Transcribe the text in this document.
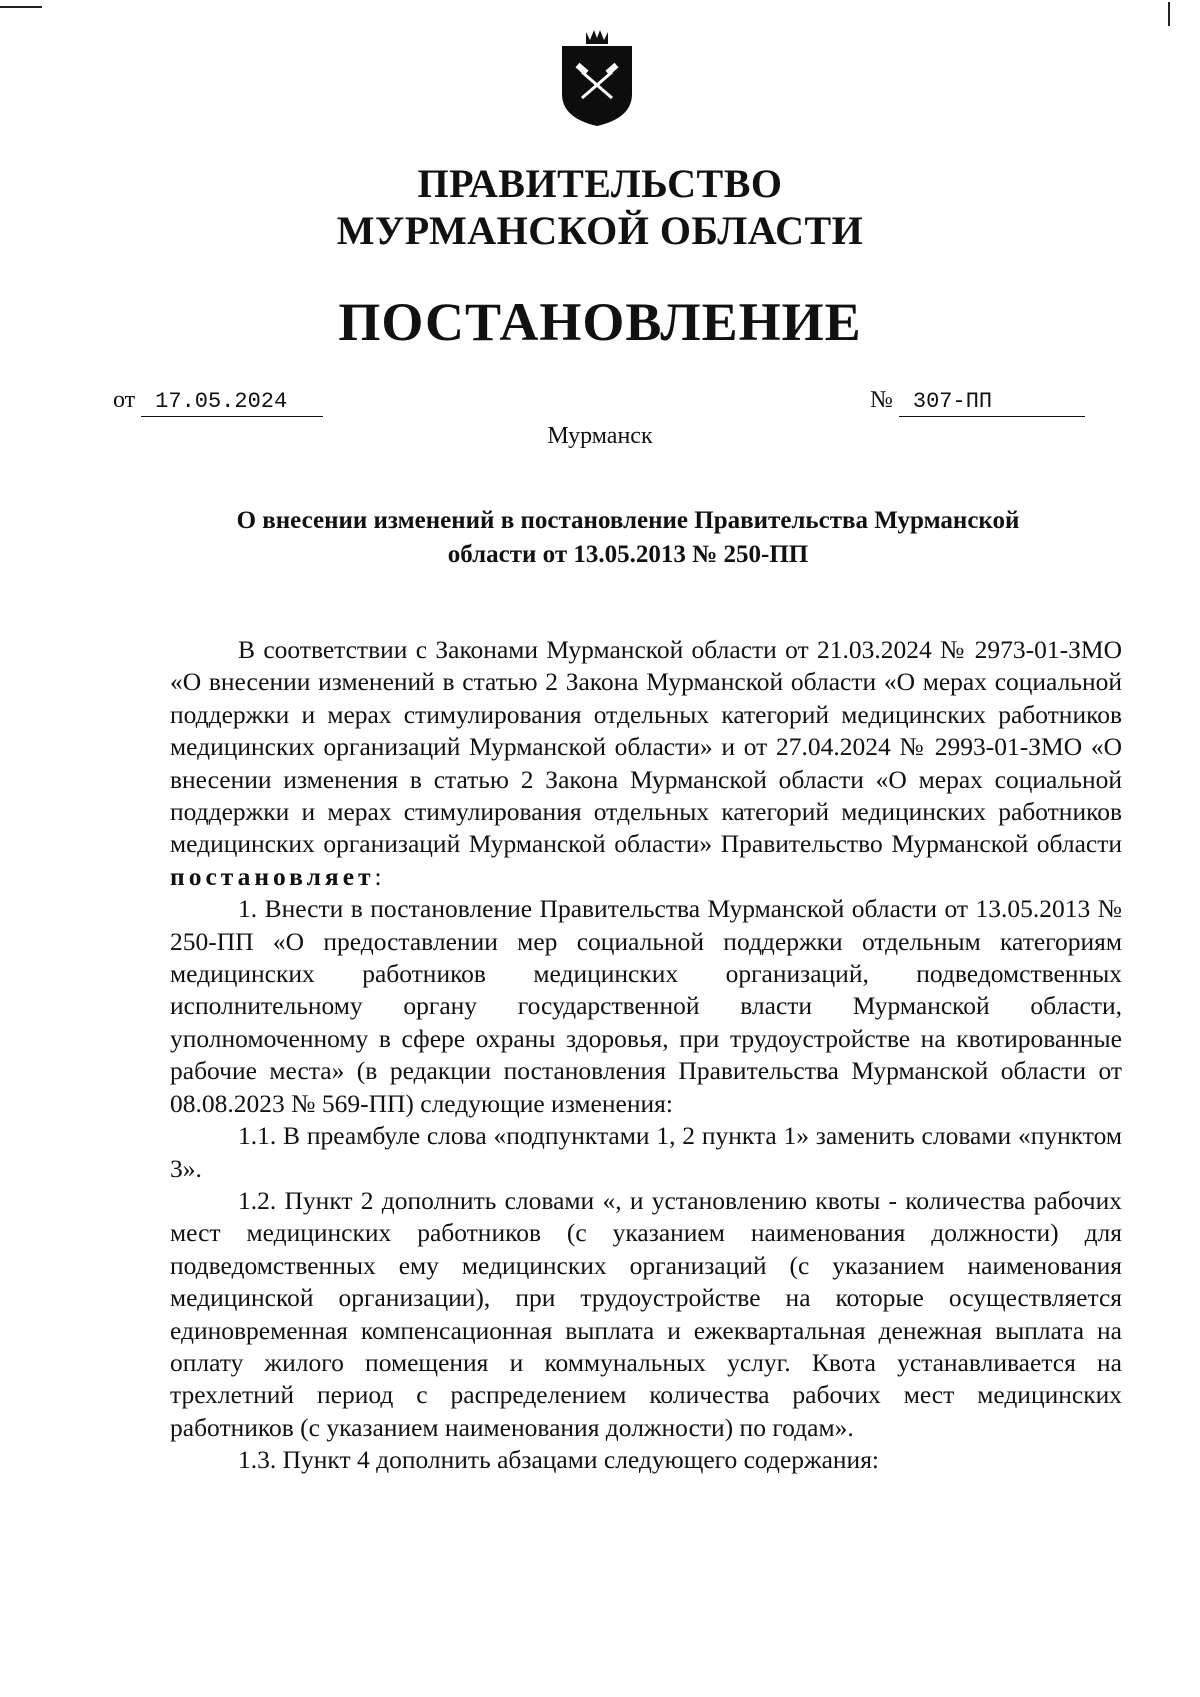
ПРАВИТЕЛЬСТВО
МУРМАНСКОЙ ОБЛАСТИ
ПОСТАНОВЛЕНИЕ
от 17.05.2024	№ 307-ПП
Мурманск
О внесении изменений в постановление Правительства Мурманской
области от 13.05.2013 № 250-ПП

В соответствии с Законами Мурманской области от 21.03.2024 № 2973-01-ЗМО «О внесении изменений в статью 2 Закона Мурманской области «О мерах социальной поддержки и мерах стимулирования отдельных категорий медицинских работников медицинских организаций Мурманской области» и от 27.04.2024 № 2993-01-ЗМО «О внесении изменения в статью 2 Закона Мурманской области «О мерах социальной поддержки и мерах стимулирования отдельных категорий медицинских работников медицинских организаций Мурманской области» Правительство Мурманской области постановляет:

1. Внести в постановление Правительства Мурманской области от 13.05.2013 № 250-ПП «О предоставлении мер социальной поддержки отдельным категориям медицинских работников медицинских организаций, подведомственных исполнительному органу государственной власти Мурманской области, уполномоченному в сфере охраны здоровья, при трудоустройстве на квотированные рабочие места» (в редакции постановления Правительства Мурманской области от 08.08.2023 № 569-ПП) следующие изменения:

1.1. В преамбуле слова «подпунктами 1, 2 пункта 1» заменить словами «пунктом 3».

1.2. Пункт 2 дополнить словами «, и установлению квоты - количества рабочих мест медицинских работников (с указанием наименования должности) для подведомственных ему медицинских организаций (с указанием наименования медицинской организации), при трудоустройстве на которые осуществляется единовременная компенсационная выплата и ежеквартальная денежная выплата на оплату жилого помещения и коммунальных услуг. Квота устанавливается на трехлетний период с распределением количества рабочих мест медицинских работников (с указанием наименования должности) по годам».

1.3. Пункт 4 дополнить абзацами следующего содержания:
